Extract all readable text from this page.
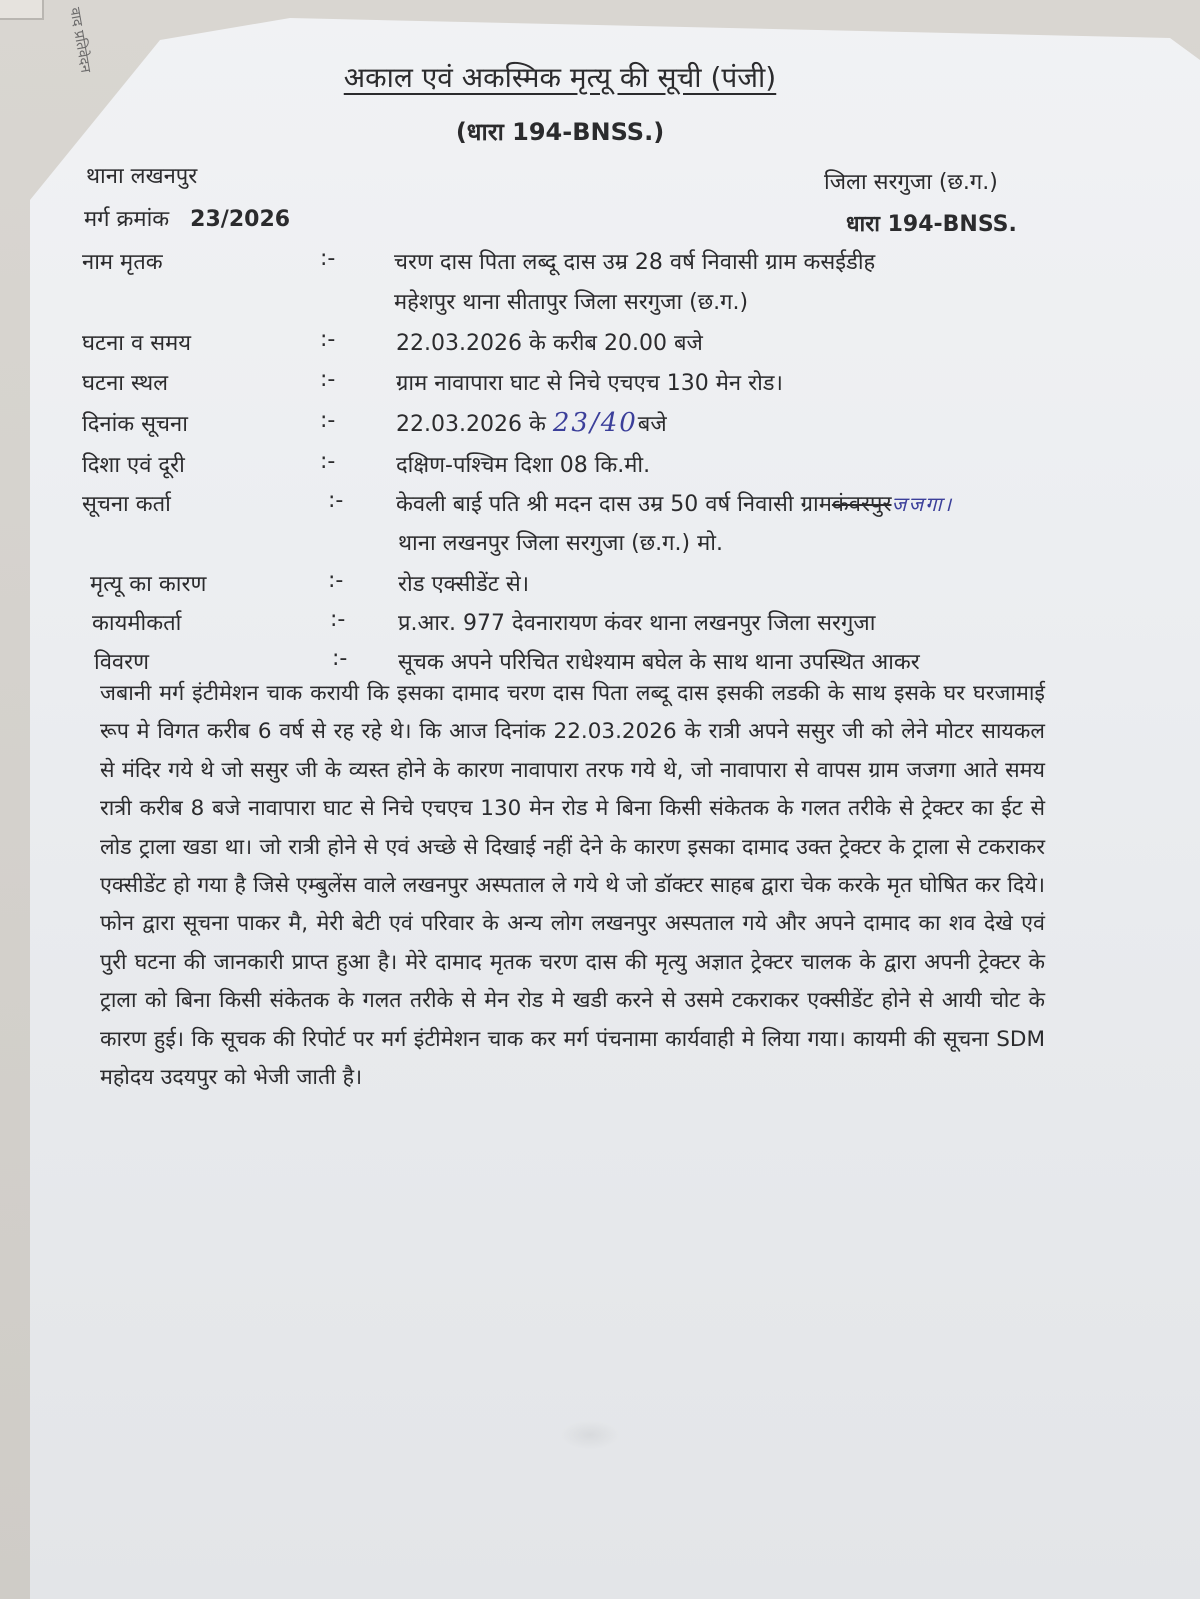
वाद प्रतिवेदन
अकाल एवं अकस्मिक मृत्यू की सूची (पंजी)
(धारा 194-BNSS.)
थाना लखनपुर	जिला सरगुजा (छ.ग.)
मर्ग क्रमांक 23/2026	धारा 194-BNSS.
नाम मृतक	:-	चरण दास पिता लब्दू दास उम्र 28 वर्ष निवासी ग्राम कसईडीह
महेशपुर थाना सीतापुर जिला सरगुजा (छ.ग.)
घटना व समय	:-	22.03.2026 के करीब 20.00 बजे
घटना स्थल	:-	ग्राम नावापारा घाट से निचे एचएच 130 मेन रोड।
दिनांक सूचना	:-	22.03.2026 के 23/40बजे
दिशा एवं दूरी	:-	दक्षिण-पश्चिम दिशा 08 कि.मी.
सूचना कर्ता	:- केवली बाई पति श्री मदन दास उम्र 50 वर्ष निवासी ग्रामकंवरपुरजजगा।
थाना लखनपुर जिला सरगुजा (छ.ग.) मो.
मृत्यू का कारण	:- रोड एक्सीडेंट से।
कायमीकर्ता	:- प्र.आर. 977 देवनारायण कंवर थाना लखनपुर जिला सरगुजा
विवरण	:- सूचक अपने परिचित राधेश्याम बघेल के साथ थाना उपस्थित आकर
जबानी मर्ग इंटीमेशन चाक करायी कि इसका दामाद चरण दास पिता लब्दू दास इसकी लडकी के साथ इसके घर घरजामाई रूप मे विगत करीब 6 वर्ष से रह रहे थे। कि आज दिनांक 22.03.2026 के रात्री अपने ससुर जी को लेने मोटर सायकल से मंदिर गये थे जो ससुर जी के व्यस्त होने के कारण नावापारा तरफ गये थे, जो नावापारा से वापस ग्राम जजगा आते समय रात्री करीब 8 बजे नावापारा घाट से निचे एचएच 130 मेन रोड मे बिना किसी संकेतक के गलत तरीके से ट्रेक्टर का ईट से लोड ट्राला खडा था। जो रात्री होने से एवं अच्छे से दिखाई नहीं देने के कारण इसका दामाद उक्त ट्रेक्टर के ट्राला से टकराकर एक्सीडेंट हो गया है जिसे एम्बुलेंस वाले लखनपुर अस्पताल ले गये थे जो डॉक्टर साहब द्वारा चेक करके मृत घोषित कर दिये। फोन द्वारा सूचना पाकर मै, मेरी बेटी एवं परिवार के अन्य लोग लखनपुर अस्पताल गये और अपने दामाद का शव देखे एवं पुरी घटना की जानकारी प्राप्त हुआ है। मेरे दामाद मृतक चरण दास की मृत्यु अज्ञात ट्रेक्टर चालक के द्वारा अपनी ट्रेक्टर के ट्राला को बिना किसी संकेतक के गलत तरीके से मेन रोड मे खडी करने से उसमे टकराकर एक्सीडेंट होने से आयी चोट के कारण हुई। कि सूचक की रिपोर्ट पर मर्ग इंटीमेशन चाक कर मर्ग पंचनामा कार्यवाही मे लिया गया। कायमी की सूचना SDM महोदय उदयपुर को भेजी जाती है।
